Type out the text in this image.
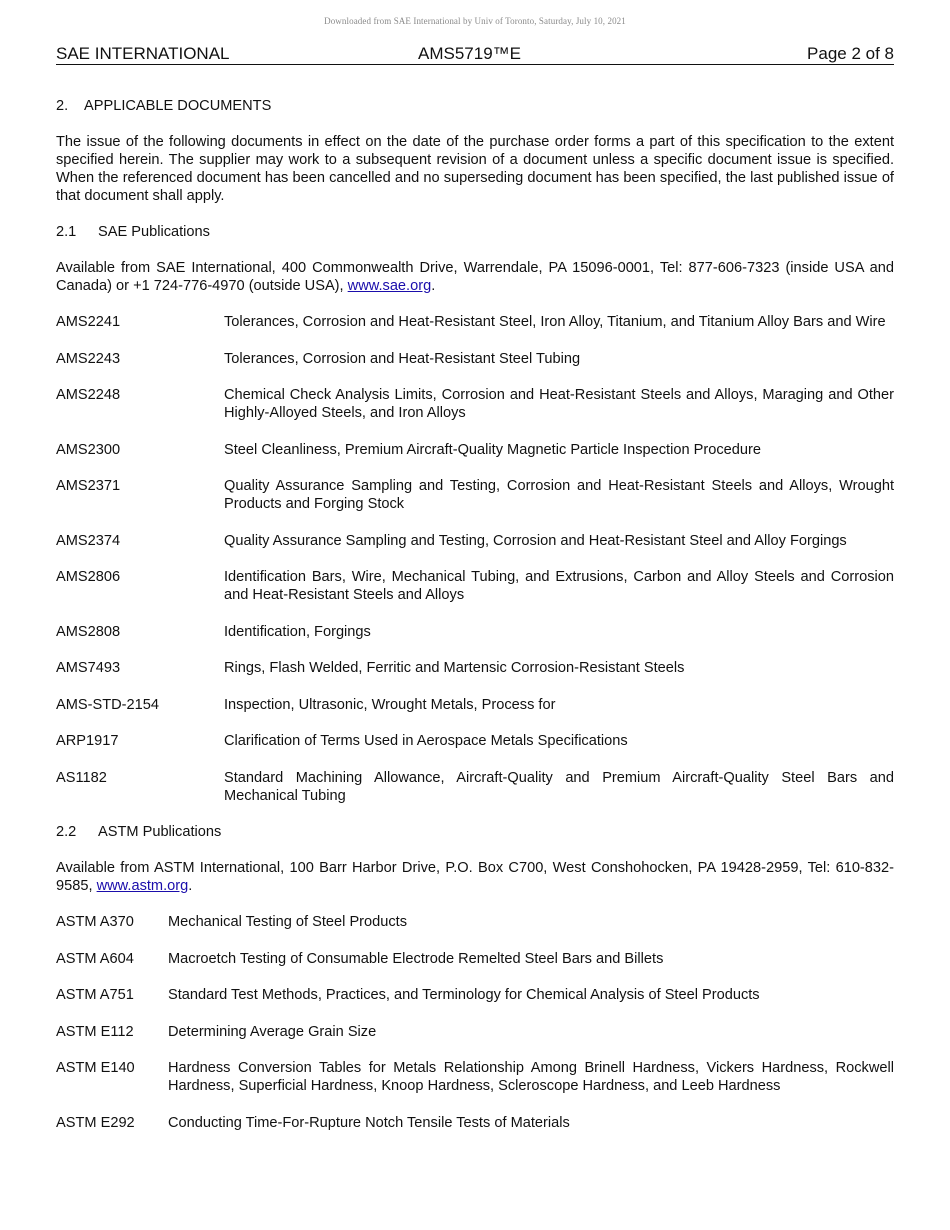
Downloaded from SAE International by Univ of Toronto, Saturday, July 10, 2021
SAE INTERNATIONAL	AMS5719™E	Page 2 of 8
2. APPLICABLE DOCUMENTS

The issue of the following documents in effect on the date of the purchase order forms a part of this specification to the extent specified herein. The supplier may work to a subsequent revision of a document unless a specific document issue is specified. When the referenced document has been cancelled and no superseding document has been specified, the last published issue of that document shall apply.

2.1 SAE Publications

Available from SAE International, 400 Commonwealth Drive, Warrendale, PA 15096-0001, Tel: 877-606-7323 (inside USA and Canada) or +1 724-776-4970 (outside USA), www.sae.org.

AMS2241	Tolerances, Corrosion and Heat-Resistant Steel, Iron Alloy, Titanium, and Titanium Alloy Bars and Wire
AMS2243	Tolerances, Corrosion and Heat-Resistant Steel Tubing
AMS2248	Chemical Check Analysis Limits, Corrosion and Heat-Resistant Steels and Alloys, Maraging and Other Highly-Alloyed Steels, and Iron Alloys
AMS2300	Steel Cleanliness, Premium Aircraft-Quality Magnetic Particle Inspection Procedure
AMS2371	Quality Assurance Sampling and Testing, Corrosion and Heat-Resistant Steels and Alloys, Wrought Products and Forging Stock
AMS2374	Quality Assurance Sampling and Testing, Corrosion and Heat-Resistant Steel and Alloy Forgings
AMS2806	Identification Bars, Wire, Mechanical Tubing, and Extrusions, Carbon and Alloy Steels and Corrosion and Heat-Resistant Steels and Alloys
AMS2808	Identification, Forgings
AMS7493	Rings, Flash Welded, Ferritic and Martensic Corrosion-Resistant Steels
AMS-STD-2154	Inspection, Ultrasonic, Wrought Metals, Process for
ARP1917	Clarification of Terms Used in Aerospace Metals Specifications
AS1182	Standard Machining Allowance, Aircraft-Quality and Premium Aircraft-Quality Steel Bars and Mechanical Tubing
2.2 ASTM Publications

Available from ASTM International, 100 Barr Harbor Drive, P.O. Box C700, West Conshohocken, PA 19428-2959, Tel: 610-832-9585, www.astm.org.

ASTM A370	Mechanical Testing of Steel Products
ASTM A604	Macroetch Testing of Consumable Electrode Remelted Steel Bars and Billets
ASTM A751	Standard Test Methods, Practices, and Terminology for Chemical Analysis of Steel Products
ASTM E112	Determining Average Grain Size
ASTM E140	Hardness Conversion Tables for Metals Relationship Among Brinell Hardness, Vickers Hardness, Rockwell Hardness, Superficial Hardness, Knoop Hardness, Scleroscope Hardness, and Leeb Hardness
ASTM E292	Conducting Time-For-Rupture Notch Tensile Tests of Materials
